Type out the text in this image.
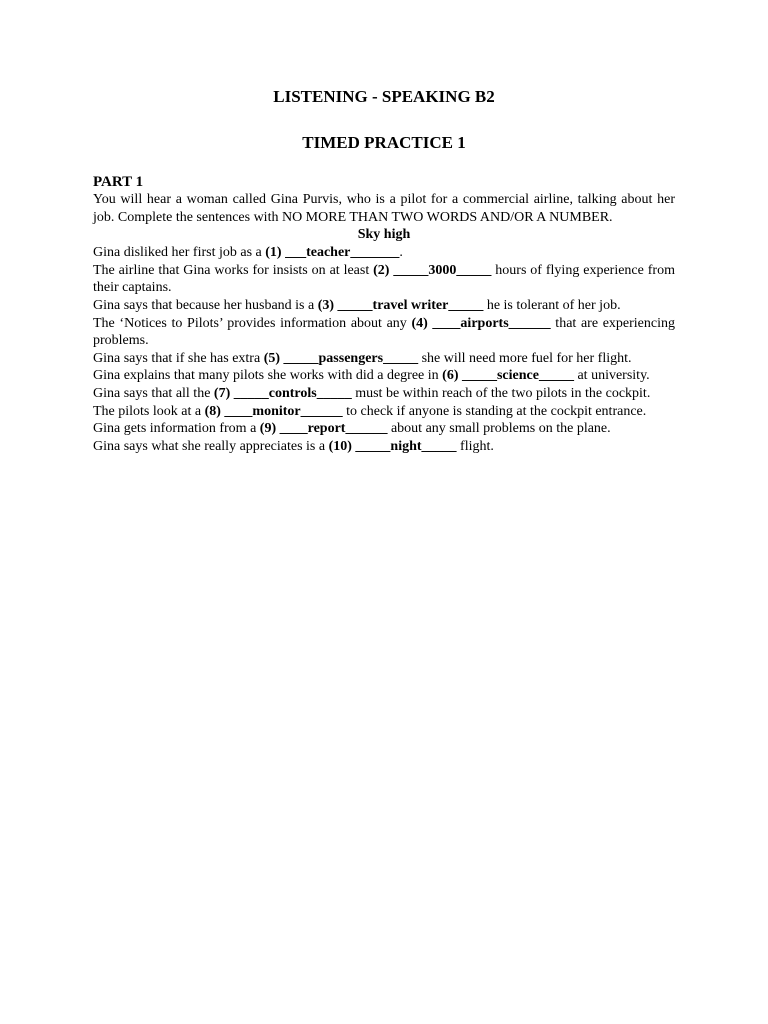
LISTENING - SPEAKING B2
TIMED PRACTICE 1
PART 1

You will hear a woman called Gina Purvis, who is a pilot for a commercial airline, talking about her job. Complete the sentences with NO MORE THAN TWO WORDS AND/OR A NUMBER.

Sky high

Gina disliked her first job as a (1) ___teacher_______.

The airline that Gina works for insists on at least (2) _____3000_____ hours of flying experience from their captains.

Gina says that because her husband is a (3) _____travel writer_____ he is tolerant of her job.

The ‘Notices to Pilots’ provides information about any (4) ____airports______ that are experiencing problems.

Gina says that if she has extra (5) _____passengers_____ she will need more fuel for her flight.

Gina explains that many pilots she works with did a degree in (6) _____science_____ at university.

Gina says that all the (7) _____controls_____ must be within reach of the two pilots in the cockpit.

The pilots look at a (8) ____monitor______ to check if anyone is standing at the cockpit entrance.

Gina gets information from a (9) ____report______ about any small problems on the plane.

Gina says what she really appreciates is a (10) _____night_____ flight.
